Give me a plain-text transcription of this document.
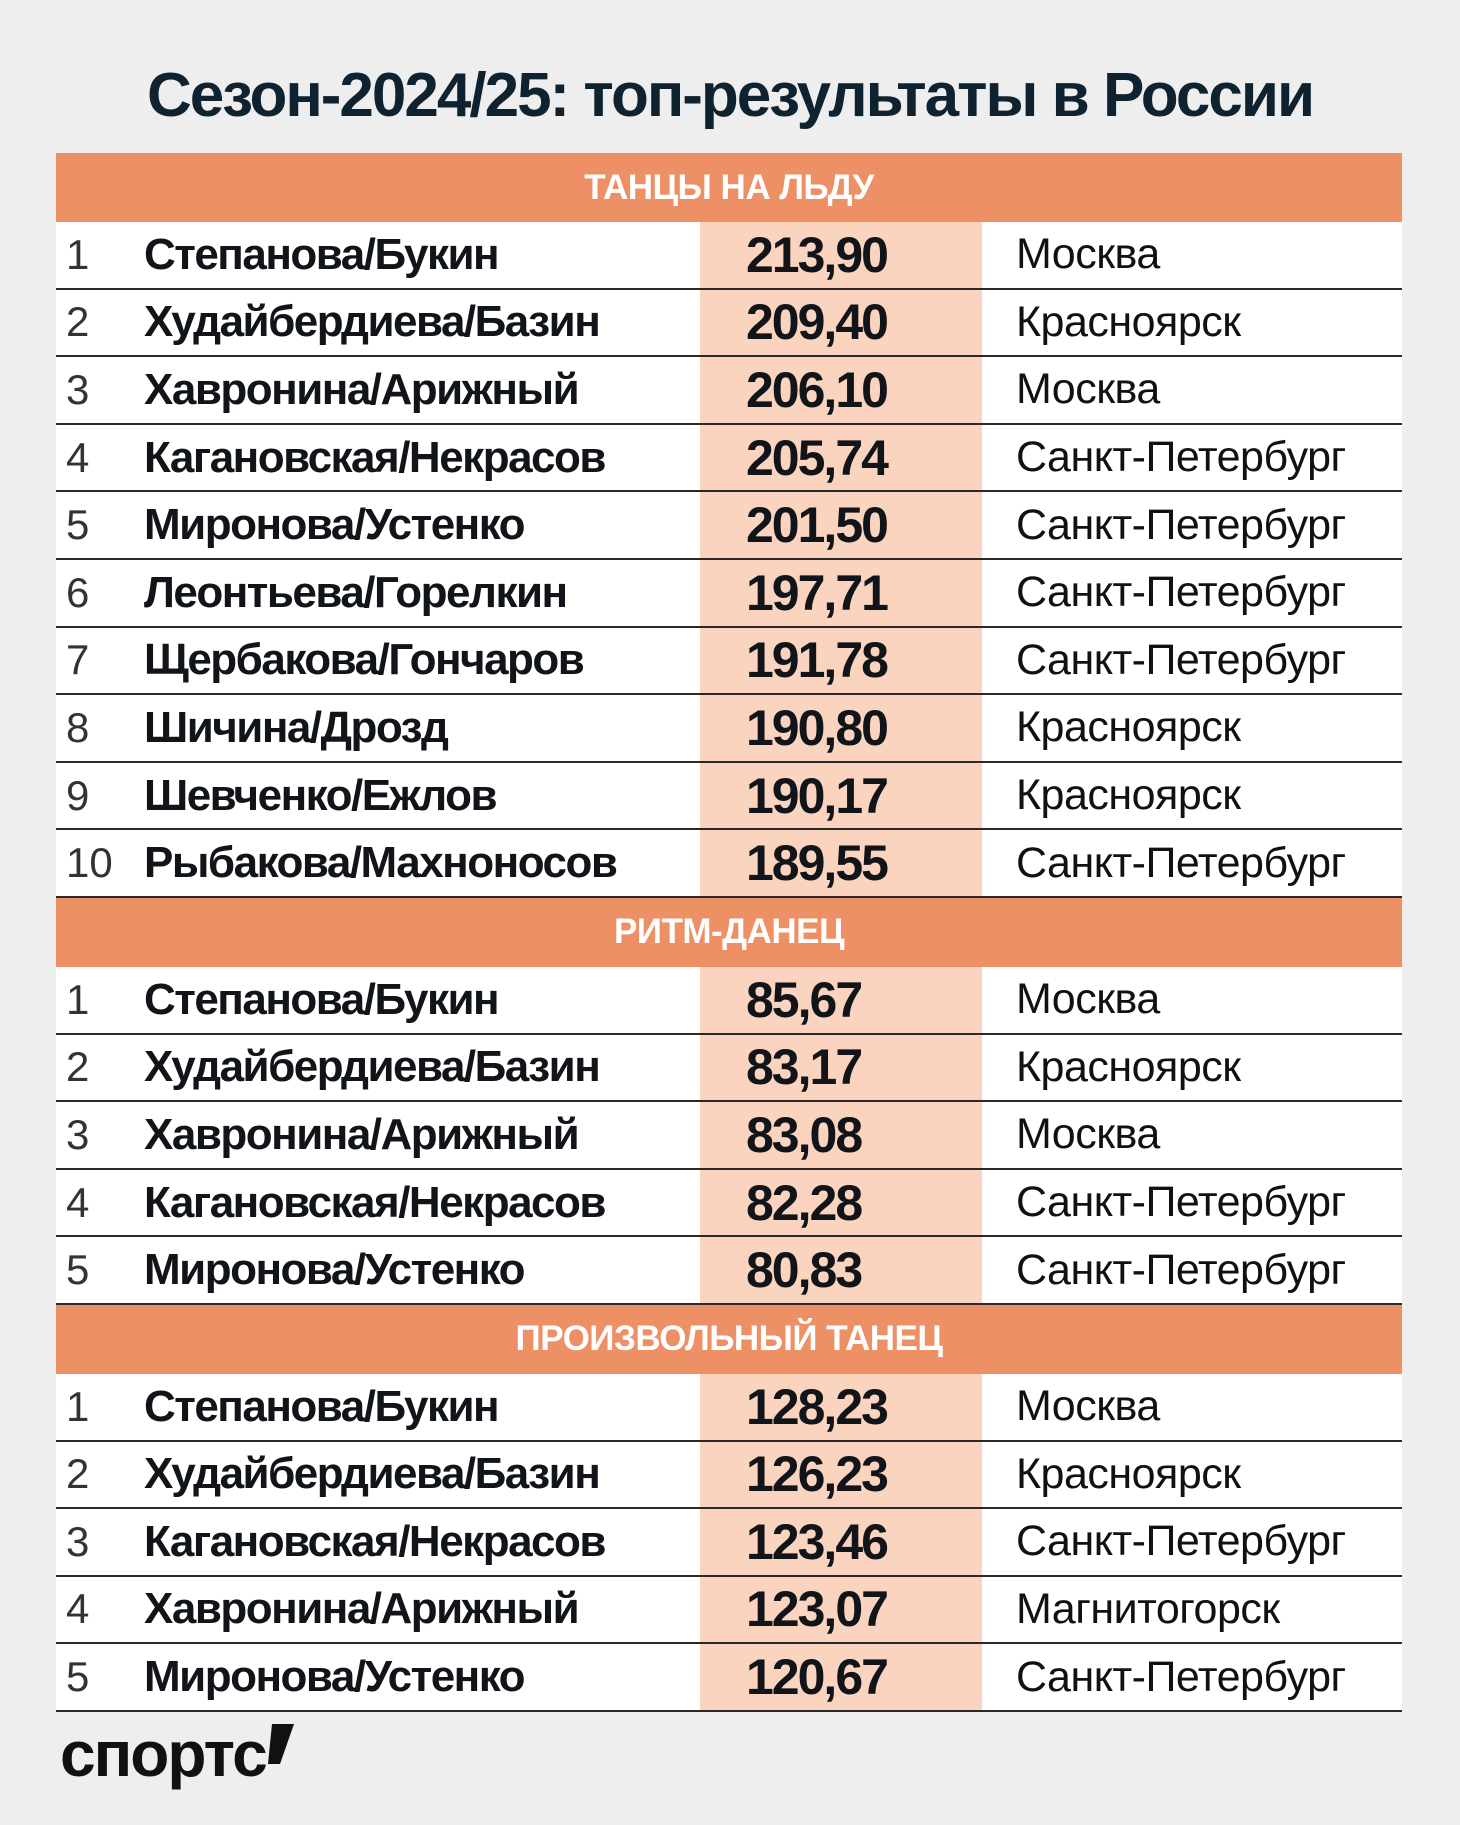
Сезон-2024/25: топ-результаты в России
ТАНЦЫ НА ЛЬДУ
1	Степанова/Букин	213,90	Москва
2	Худайбердиева/Базин	209,40	Красноярск
3	Хавронина/Арижный	206,10	Москва
4	Кагановская/Некрасов	205,74	Санкт-Петербург
5	Миронова/Устенко	201,50	Санкт-Петербург
6	Леонтьева/Горелкин	197,71	Санкт-Петербург
7	Щербакова/Гончаров	191,78	Санкт-Петербург
8	Шичина/Дрозд	190,80	Красноярск
9	Шевченко/Ежлов	190,17	Красноярск
10 Рыбакова/Махноносов	189,55	Санкт-Петербург
РИТМ-ДАНЕЦ
1	Степанова/Букин	85,67	Москва
2	Худайбердиева/Базин	83,17	Красноярск
3	Хавронина/Арижный	83,08	Москва
4	Кагановская/Некрасов	82,28	Санкт-Петербург
5	Миронова/Устенко	80,83	Санкт-Петербург
ПРОИЗВОЛЬНЫЙ ТАНЕЦ
1	Степанова/Букин	128,23	Москва
2	Худайбердиева/Базин	126,23	Красноярск
3	Кагановская/Некрасов	123,46	Санкт-Петербург
4	Хавронина/Арижный	123,07	Магнитогорск
5	Миронова/Устенко	120,67	Санкт-Петербург
спортс
